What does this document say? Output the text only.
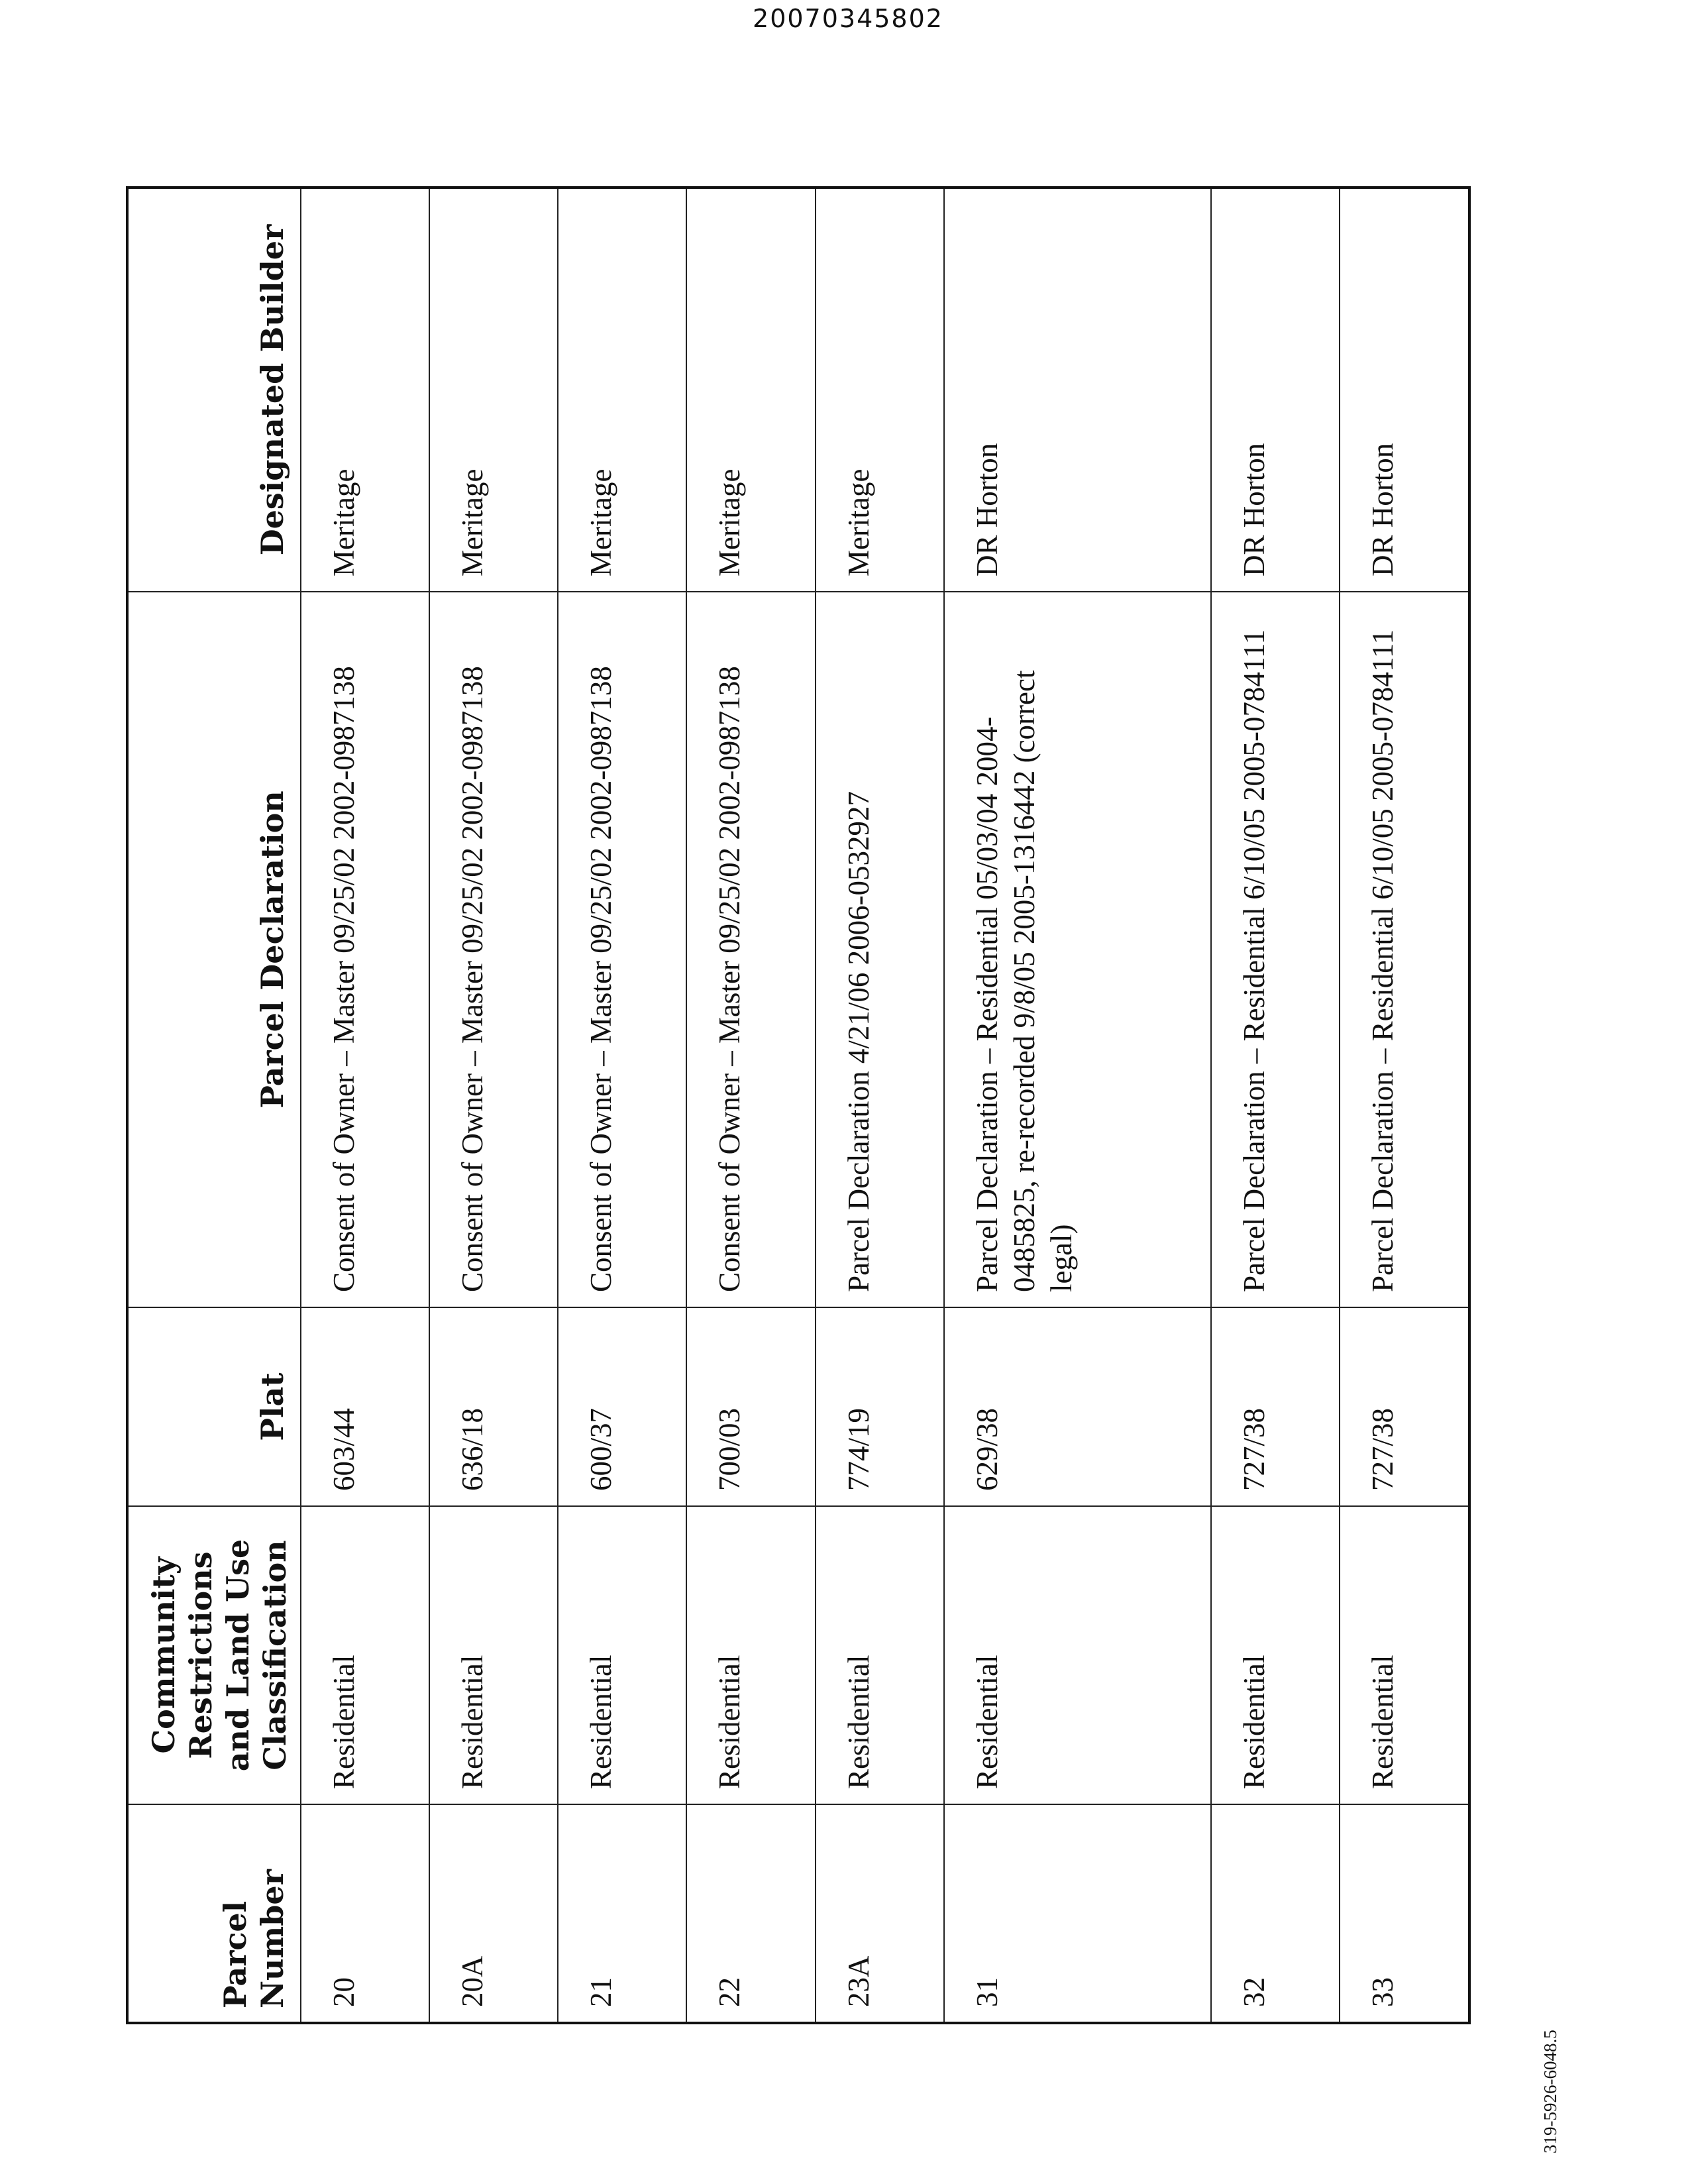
20070345802
Parcel Number	Community Restrictions and Land Use Classification	Plat	Parcel Declaration	Designated Builder
20	Residential	603/44	Consent of Owner – Master 09/25/02 2002-0987138	Meritage
20A	Residential	636/18	Consent of Owner – Master 09/25/02 2002-0987138	Meritage
21	Residential	600/37	Consent of Owner – Master 09/25/02 2002-0987138	Meritage
22	Residential	700/03	Consent of Owner – Master 09/25/02 2002-0987138	Meritage
23A	Residential	774/19	Parcel Declaration 4/21/06 2006-0532927	Meritage
31	Residential	629/38	Parcel Declaration – Residential 05/03/04 2004-0485825, re-recorded 9/8/05 2005-1316442 (correct legal)	DR Horton
32	Residential	727/38	Parcel Declaration – Residential 6/10/05 2005-0784111	DR Horton
33	Residential	727/38	Parcel Declaration – Residential 6/10/05 2005-0784111	DR Horton
319-5926-6048.5
